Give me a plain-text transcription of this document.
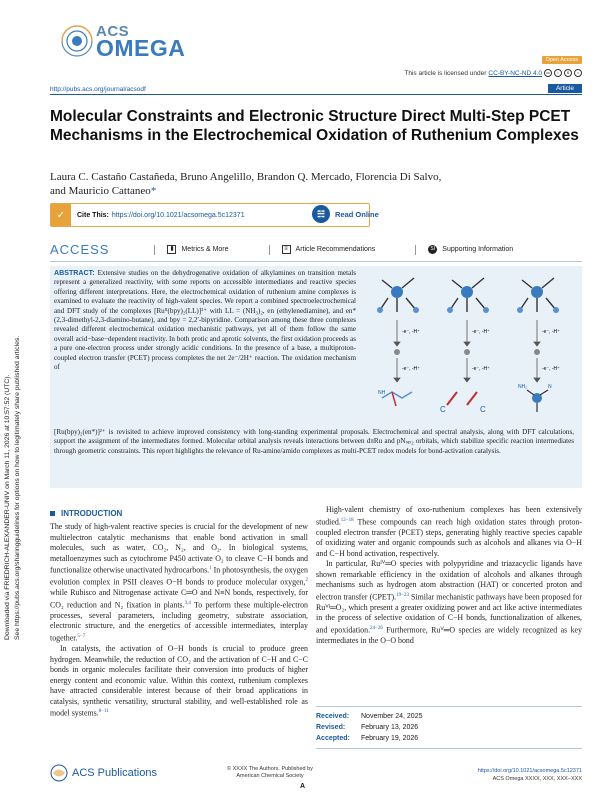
Downloaded via FRIEDRICH-ALEXANDER-UNIV on March 11, 2026 at 10:57:52 (UTC). See https://pubs.acs.org/sharingguidelines for options on how to legitimately share published articles.
ACS
OMEGA	Open Access
This article is licensed under CC-BY-NC-ND 4.0	cc	i	$	=
http://pubs.acs.org/journal/acsodf	Article
Molecular Constraints and Electronic Structure Direct Multi-Step PCET Mechanisms in the Electrochemical Oxidation of Ruthenium Complexes
Laura C. Castaño Castañeda, Bruno Angelillo, Brandon Q. Mercado, Florencia Di Salvo,
and Mauricio Cattaneo*
✓	Cite This: https://doi.org/10.1021/acsomega.5c12371	☵	Read Online
ACCESS	▮	Metrics & More	≡	Article Recommendations	SI	Supporting Information
ABSTRACT: Extensive studies on the dehydrogenative oxidation of alkylamines on transition metals represent a generalized reactivity, with some reports on accessible intermediates and reactive species offering different interpretations. Here, the electrochemical oxidation of ruthenium amine complexes is examined to evaluate the reactivity of high-valent species. We report a combined spectroelectrochemical and DFT study of the complexes [Ruᴵᴵ(bpy)₂(LL)]²⁺ with LL = (NH₃)₂, en (ethylenediamine), and en* (2,3-dimethyl-2,3-diamino-butane), and bpy = 2,2′-bipyridine. Comparison among these three complexes revealed different electrochemical oxidation mechanistic pathways, yet all of them follow the same overall acid−base−dependent reactivity. In both protic and aprotic solvents, the first oxidation proceeds as a pure one-electron process under strongly acidic conditions. In the presence of a base, a multiproton-coupled electron transfer (PCET) process completes the net 2e⁻/2H⁺ reaction. The oxidation mechanism of
[Ru(bpy)₂(en*)]²⁺ is revisited to achieve improved consistency with long-standing experimental proposals. Electrochemical and spectral analysis, along with DFT calculations, support the assignment of the intermediates formed. Molecular orbital analysis reveals interactions between dπRu and pNₛₚ₂ orbitals, which stabilize specific reaction intermediates through geometric constraints. This report highlights the relevance of Ru-amine/amido complexes as multi-PCET redox models for bond-activation catalysis.
-e⁻, -H⁺	-e⁻, -H⁺	-e⁻, -H⁺
-e⁻, -H⁺	-e⁻, -H⁺	-e⁻, -H⁺
NH
C	C
NH₂	N
INTRODUCTION

The study of high-valent reactive species is crucial for the development of new multielectron catalytic mechanisms that enable bond activation in small molecules, such as water, CO₂, N₂, and O₂. In biological systems, metalloenzymes such as cytochrome P450 activate O₂ to cleave C−H bonds and functionalize otherwise unactivated hydrocarbons.$^1$ In photosynthesis, the oxygen evolution complex in PSII cleaves O−H bonds to produce molecular oxygen,$^2$ while Rubisco and Nitrogenase activate C═O and N≡N bonds, respectively, for CO₂ reduction and N₂ fixation in plants.$^{3,4}$ To perform these multiple-electron processes, several parameters, including geometry, substrate association, electronic structure, and the energetics of accessible intermediates, interplay together.$^{5-7}$

In catalysts, the activation of O−H bonds is crucial to produce green hydrogen. Meanwhile, the reduction of CO₂ and the activation of C−H and C−C bonds in organic molecules facilitate their conversion into products of higher energy content and economic value. Within this context, ruthenium complexes have attracted considerable interest because of their broad applications in catalysis, synthetic versatility, structural stability, and well-established role as model systems.$^{8-11}$

High-valent chemistry of oxo-ruthenium complexes has been extensively studied.$^{12-18}$ These compounds can reach high oxidation states through proton-coupled electron transfer (PCET) steps, generating highly reactive species capable of oxidizing water and organic compounds such as alcohols and alkanes via O−H and C−H bond activation, respectively.

In particular, Ruᴵⱽ═O species with polypyridine and triazacyclic ligands have shown remarkable efficiency in the oxidation of alcohols and alkanes through mechanisms such as hydrogen atom abstraction (HAT) or concerted proton and electron transfer (CPET).$^{19-23}$ Similar mechanistic pathways have been proposed for Ruⱽᴵ═O₂, which present a greater oxidizing power and act like active intermediates in the process of selective oxidation of C−H bonds, functionalization of alkenes, and epoxidation.$^{24-26}$ Furthermore, Ruⱽ═O species are widely recognized as key intermediates in the O−O bond

Received:	November 24, 2025
Revised:	February 13, 2026
Accepted:	February 19, 2026
ACS Publications	© XXXX The Authors. Published by
American Chemical Society
A
https://doi.org/10.1021/acsomega.5c12371
ACS Omega XXXX, XXX, XXX−XXX
